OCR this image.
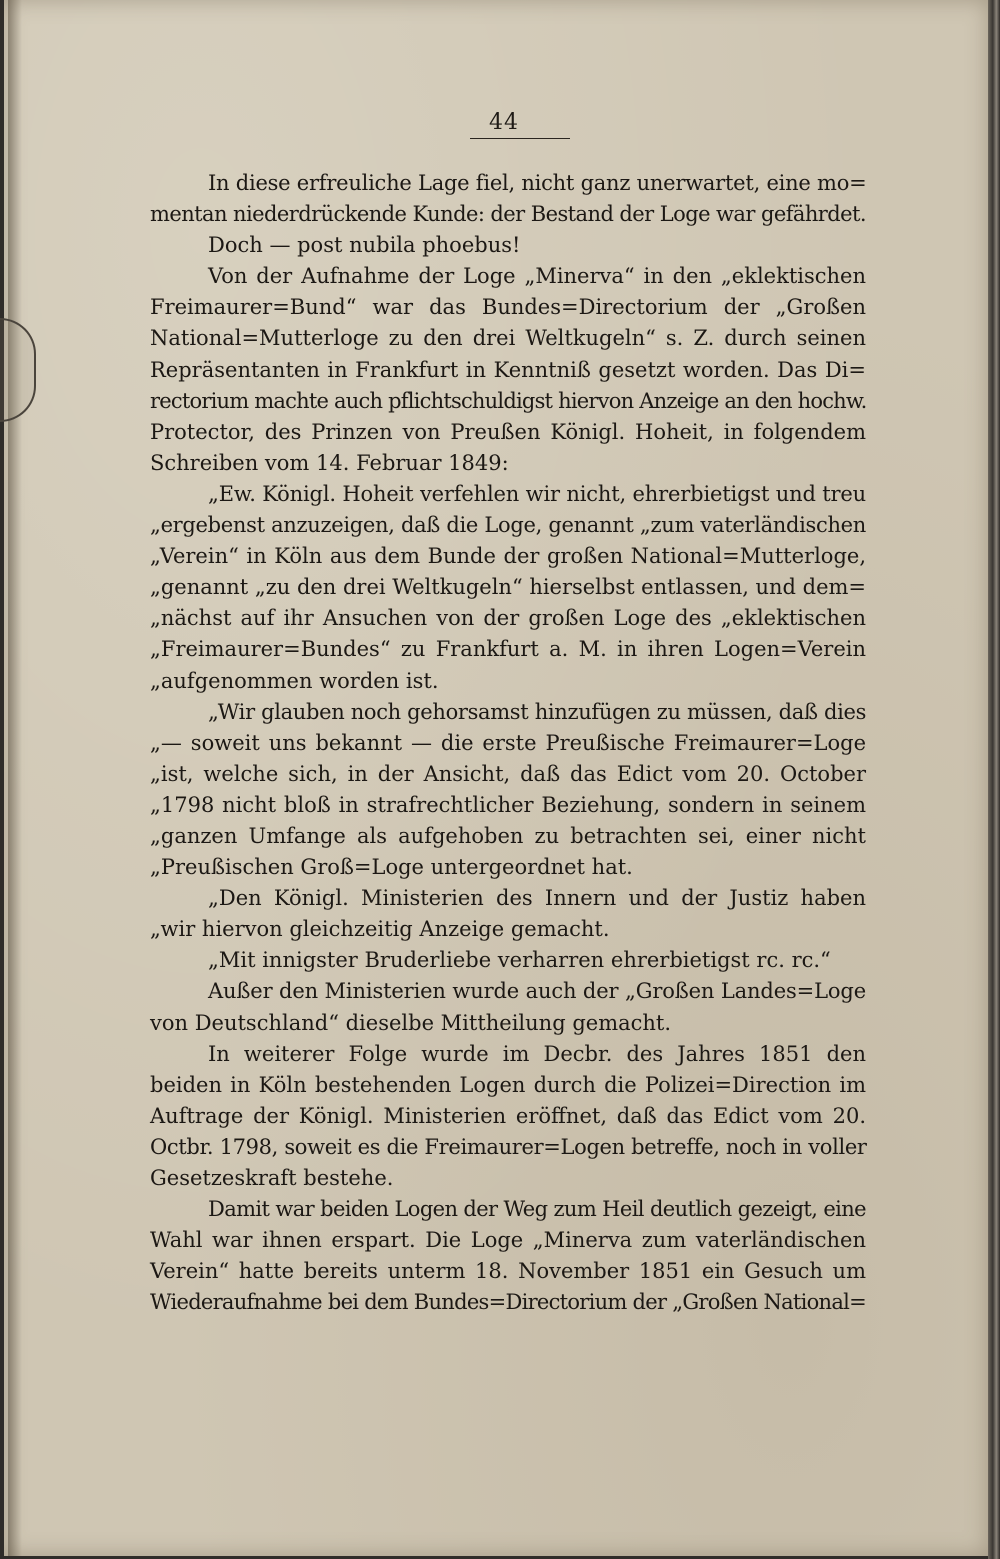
44
In diese erfreuliche Lage fiel, nicht ganz unerwartet, eine mo=
mentan niederdrückende Kunde: der Bestand der Loge war gefährdet.
Doch — post nubila phoebus!
Von der Aufnahme der Loge „Minerva“ in den „eklektischen
Freimaurer=Bund“ war das Bundes=Directorium der „Großen
National=Mutterloge zu den drei Weltkugeln“ s. Z. durch seinen
Repräsentanten in Frankfurt in Kenntniß gesetzt worden. Das Di=
rectorium machte auch pflichtschuldigst hiervon Anzeige an den hochw.
Protector, des Prinzen von Preußen Königl. Hoheit, in folgendem
Schreiben vom 14. Februar 1849:
„Ew. Königl. Hoheit verfehlen wir nicht, ehrerbietigst und treu
„ergebenst anzuzeigen, daß die Loge, genannt „zum vaterländischen
„Verein“ in Köln aus dem Bunde der großen National=Mutterloge,
„genannt „zu den drei Weltkugeln“ hierselbst entlassen, und dem=
„nächst auf ihr Ansuchen von der großen Loge des „eklektischen
„Freimaurer=Bundes“ zu Frankfurt a. M. in ihren Logen=Verein
„aufgenommen worden ist.
„Wir glauben noch gehorsamst hinzufügen zu müssen, daß dies
„— soweit uns bekannt — die erste Preußische Freimaurer=Loge
„ist, welche sich, in der Ansicht, daß das Edict vom 20. October
„1798 nicht bloß in strafrechtlicher Beziehung, sondern in seinem
„ganzen Umfange als aufgehoben zu betrachten sei, einer nicht
„Preußischen Groß=Loge untergeordnet hat.
„Den Königl. Ministerien des Innern und der Justiz haben
„wir hiervon gleichzeitig Anzeige gemacht.
„Mit innigster Bruderliebe verharren ehrerbietigst rc. rc.“
Außer den Ministerien wurde auch der „Großen Landes=Loge
von Deutschland“ dieselbe Mittheilung gemacht.
In weiterer Folge wurde im Decbr. des Jahres 1851 den
beiden in Köln bestehenden Logen durch die Polizei=Direction im
Auftrage der Königl. Ministerien eröffnet, daß das Edict vom 20.
Octbr. 1798, soweit es die Freimaurer=Logen betreffe, noch in voller
Gesetzeskraft bestehe.
Damit war beiden Logen der Weg zum Heil deutlich gezeigt, eine
Wahl war ihnen erspart. Die Loge „Minerva zum vaterländischen
Verein“ hatte bereits unterm 18. November 1851 ein Gesuch um
Wiederaufnahme bei dem Bundes=Directorium der „Großen National=
